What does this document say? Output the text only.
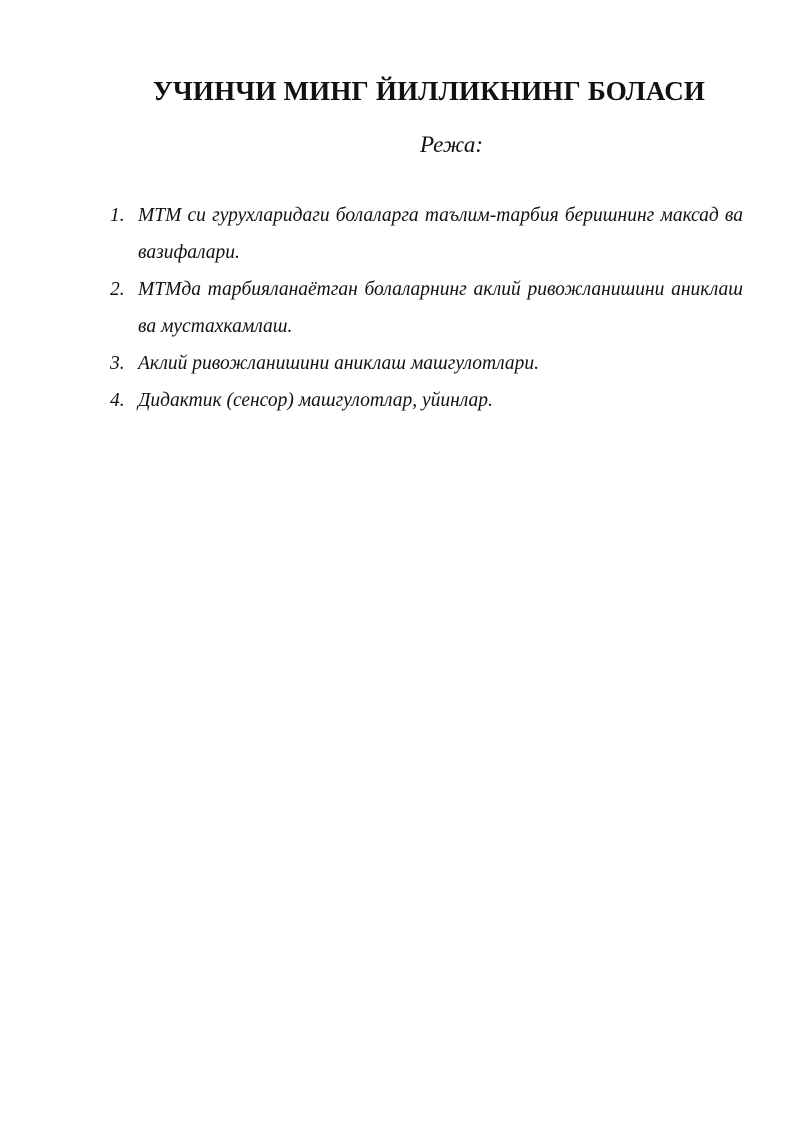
УЧИНЧИ МИНГ ЙИЛЛИКНИНГ БОЛАСИ
Режа:
1. МТМ си гурухларидаги болаларга таълим-тарбия беришнинг максад ва вазифалари.
2. МТМда тарбияланаётган болаларнинг аклий ривожланишини аниклаш ва мустахкамлаш.
3. Аклий ривожланишини аниклаш машгулотлари.
4. Дидактик (сенсор) машгулотлар, уйинлар.
